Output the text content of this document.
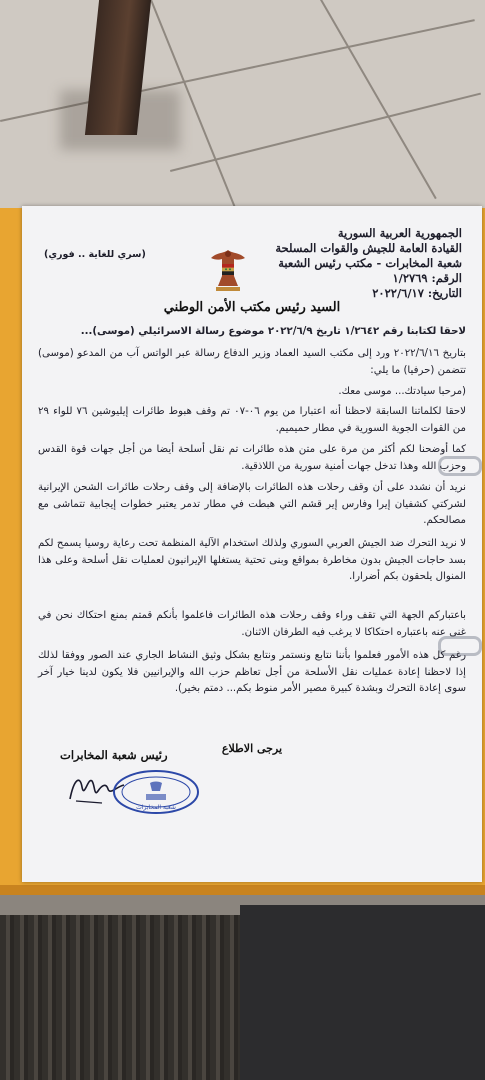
الجمهورية العربية السورية
القيادة العامة للجيش والقوات المسلحة
شعبة المخابرات - مكتب رئيس الشعبة
الرقم: ١/٢٧٦٩
التاريخ: ٢٠٢٢/٦/١٧
(سري للغاية .. فوري)
السيد رئيس مكتب الأمن الوطني
لاحقا لكتابنا رقم ١/٢٦٤٢ تاريخ ٢٠٢٢/٦/٩ موضوع رسالة الاسرائيلي (موسى)...
بتاريخ ٢٠٢٢/٦/١٦ ورد إلى مكتب السيد العماد وزير الدفاع رسالة عبر الواتس آب من المدعو (موسى) تتضمن (حرفيا) ما يلي:
(مرحبا سيادتك... موسى معك.
لاحقا لكلماتنا السابقة لاحظنا أنه اعتبارا من يوم ٠٦-٠٧ تم وقف هبوط طائرات إيليوشين ٧٦ للواء ٢٩ من القوات الجوية السورية في مطار حميميم.
كما أوضحنا لكم أكثر من مرة على متن هذه طائرات تم نقل أسلحة أيضا من أجل جهات قوة القدس وحزب الله وهذا تدخل جهات أمنية سورية من اللاذقية.
نريد أن نشدد على أن وقف رحلات هذه الطائرات بالإضافة إلى وقف رحلات طائرات الشحن الإيرانية لشركتي كشفيان إيرا وفارس إير قشم التي هبطت في مطار تدمر يعتبر خطوات إيجابية تتماشى مع مصالحكم.
لا نريد التحرك ضد الجيش العربي السوري ولذلك استخدام الآلية المنظمة تحت رعاية روسيا يسمح لكم بسد حاجات الجيش بدون مخاطرة بمواقع وبنى تحتية يستغلها الإيرانيون لعمليات نقل أسلحة وعلى هذا المنوال يلحقون بكم أضرارا.
باعتباركم الجهة التي تقف وراء وقف رحلات هذه الطائرات فاعلموا بأنكم قمتم بمنع احتكاك نحن في غنى عنه باعتباره احتكاكا لا يرغب فيه الطرفان الاثنان.
رغم كل هذه الأمور فعلموا بأننا نتابع ونستمر ونتابع بشكل وثيق النشاط الجاري عند الصور ووفقا لذلك إذا لاحظنا إعادة عمليات نقل الأسلحة من أجل تعاظم حزب الله والإيرانيين فلا يكون لدينا خيار آخر سوى إعادة التحرك وبشدة كبيرة مصير الأمر منوط بكم... دمتم بخير).
يرجى الاطلاع
رئيس شعبة المخابرات
شعبة المخابرات
